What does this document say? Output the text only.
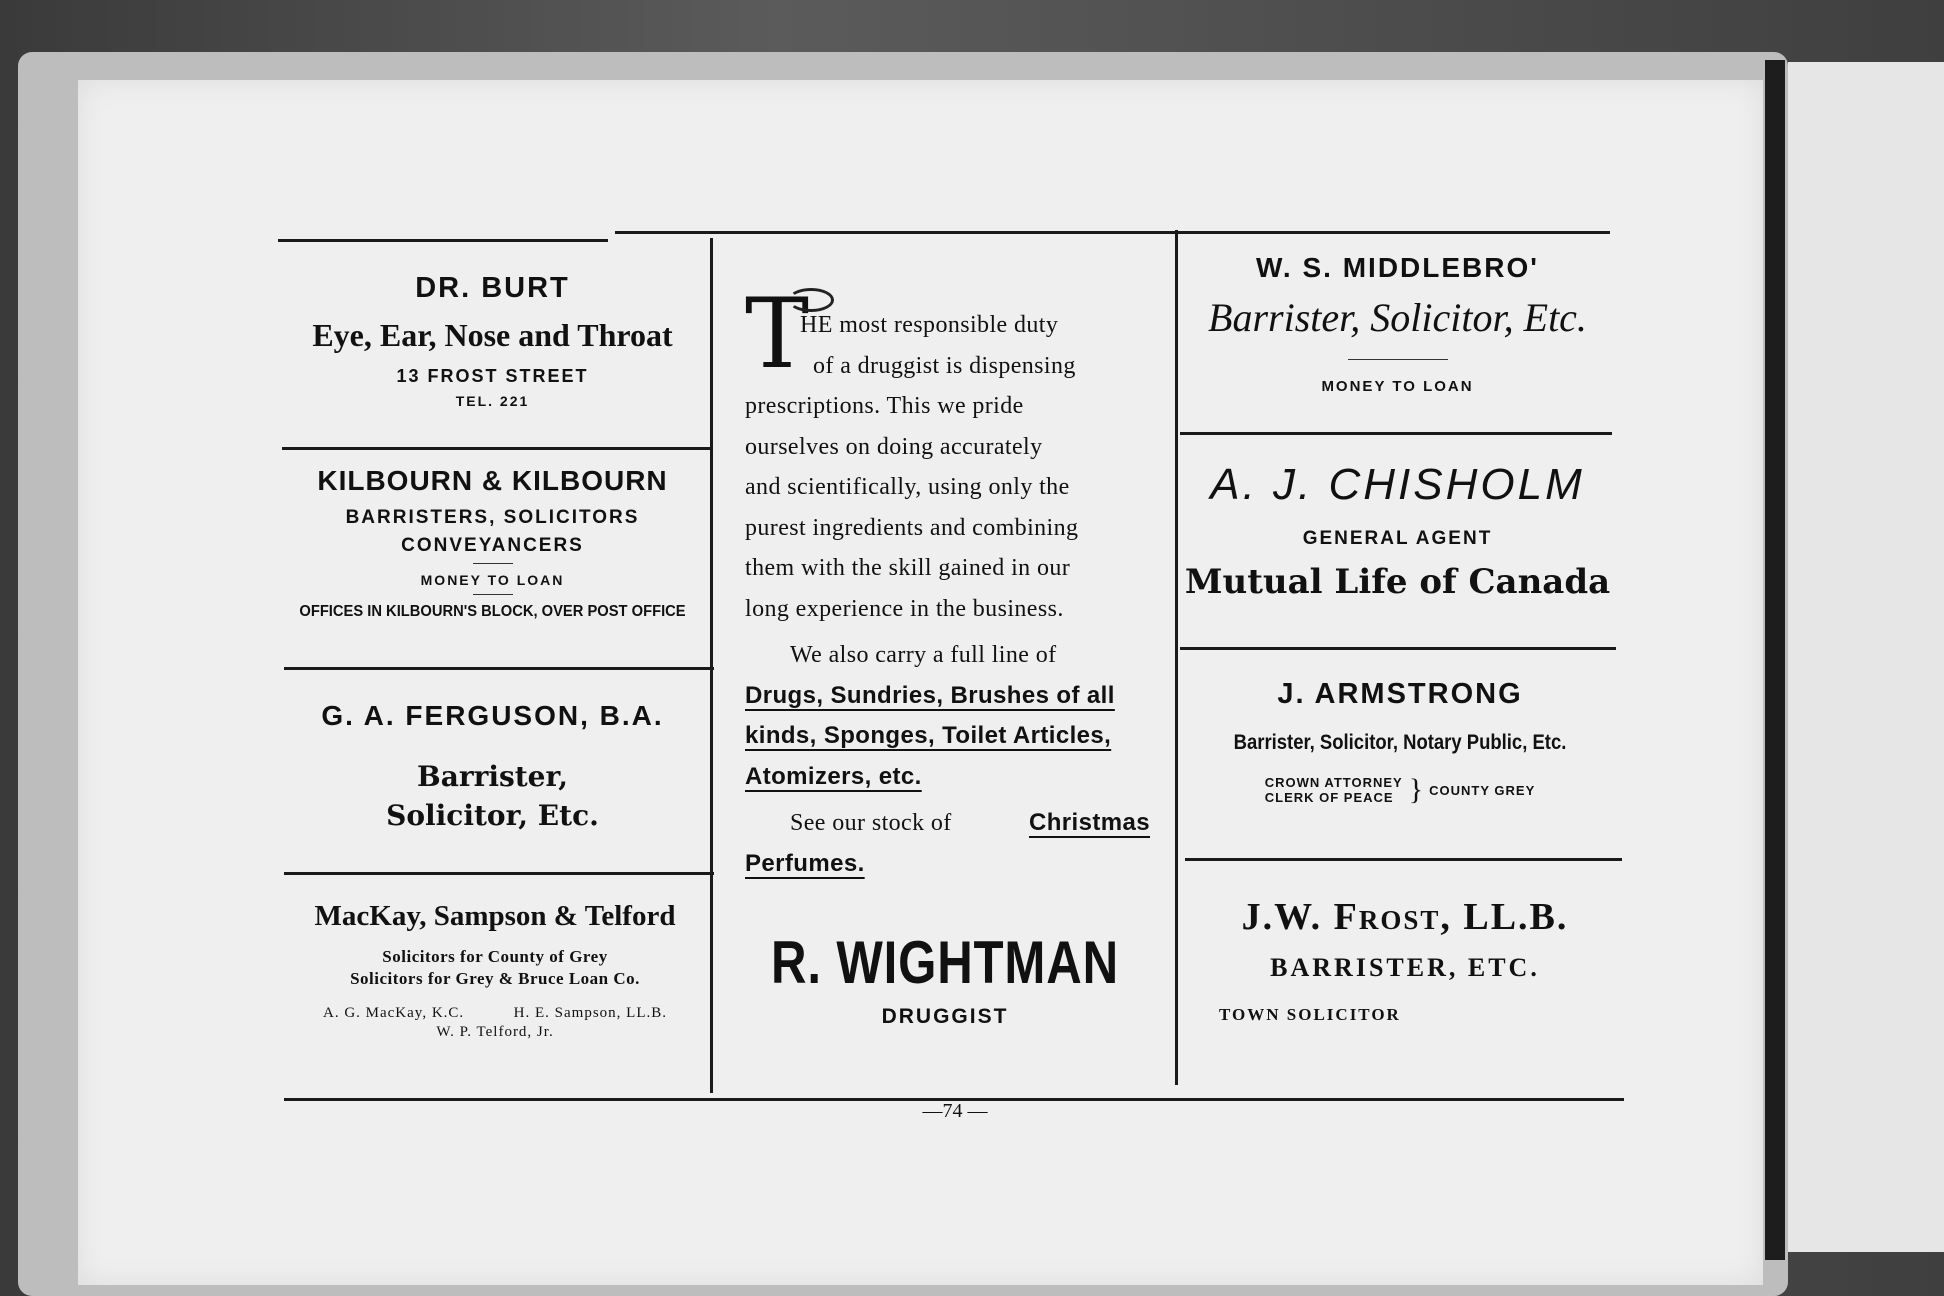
DR. BURT
Eye, Ear, Nose and Throat
13 FROST STREET
TEL. 221
KILBOURN & KILBOURN
BARRISTERS, SOLICITORS
CONVEYANCERS
MONEY TO LOAN
OFFICES IN KILBOURN'S BLOCK, OVER POST OFFICE
G. A. FERGUSON, B.A.
Barrister,
Solicitor, Etc.
MacKay, Sampson & Telford
Solicitors for County of Grey
Solicitors for Grey & Bruce Loan Co.
A. G. MacKay, K.C.	H. E. Sampson, LL.B.
W. P. Telford, Jr.
T
HE most responsible duty
of a druggist is dispensing
prescriptions. This we pride
ourselves on doing accurately
and scientifically, using only the
purest ingredients and combining
them with the skill gained in our
long experience in the business.
We also carry a full line of
Drugs, Sundries, Brushes of all
kinds, Sponges, Toilet Articles,
Atomizers, etc.
See our stock of	Christmas
Perfumes.
R. WIGHTMAN
DRUGGIST
W. S. MIDDLEBRO'
Barrister, Solicitor, Etc.
MONEY TO LOAN
A. J. CHISHOLM
GENERAL AGENT
Mutual Life of Canada
J. ARMSTRONG
Barrister, Solicitor, Notary Public, Etc.
CROWN ATTORNEY
CLERK OF PEACE } COUNTY GREY
J.W. Frost, LL.B.
BARRISTER, ETC.
TOWN SOLICITOR
—74 —
